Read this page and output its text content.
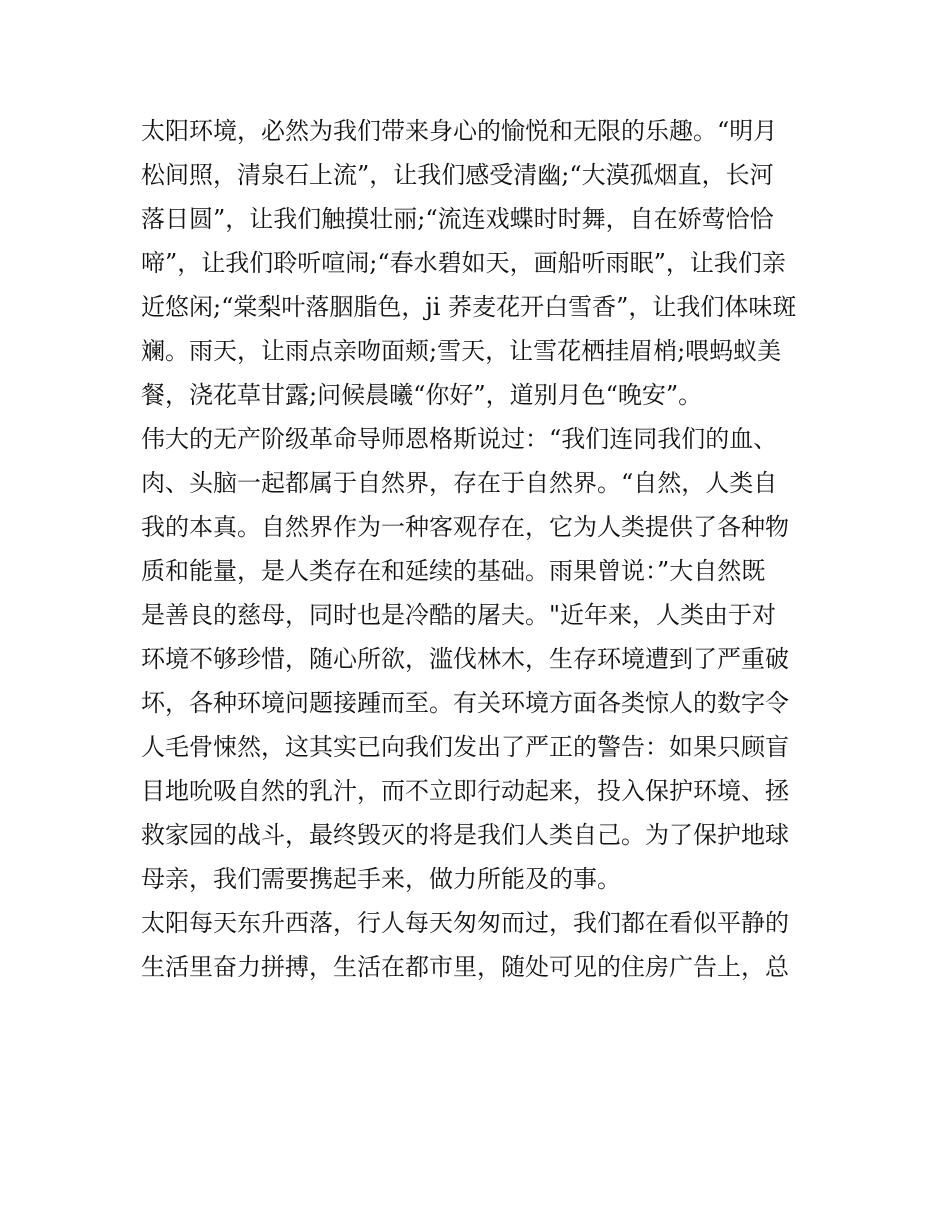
太阳环境，必然为我们带来身心的愉悦和无限的乐趣。“明月
松间照，清泉石上流”，让我们感受清幽;“大漠孤烟直，长河
落日圆”，让我们触摸壮丽;“流连戏蝶时时舞，自在娇莺恰恰
啼”，让我们聆听喧闹;“春水碧如天，画船听雨眠”，让我们亲
近悠闲;“棠梨叶落胭脂色，ji 荞麦花开白雪香”，让我们体味斑
斓。雨天，让雨点亲吻面颊;雪天，让雪花栖挂眉梢;喂蚂蚁美
餐，浇花草甘露;问候晨曦“你好”，道别月色“晚安”。
伟大的无产阶级革命导师恩格斯说过：“我们连同我们的血、
肉、头脑一起都属于自然界，存在于自然界。“自然，人类自
我的本真。自然界作为一种客观存在，它为人类提供了各种物
质和能量，是人类存在和延续的基础。雨果曾说：”大自然既
是善良的慈母，同时也是冷酷的屠夫。"近年来，人类由于对
环境不够珍惜，随心所欲，滥伐林木，生存环境遭到了严重破
坏，各种环境问题接踵而至。有关环境方面各类惊人的数字令
人毛骨悚然，这其实已向我们发出了严正的警告：如果只顾盲
目地吮吸自然的乳汁，而不立即行动起来，投入保护环境、拯
救家园的战斗，最终毁灭的将是我们人类自己。为了保护地球
母亲，我们需要携起手来，做力所能及的事。
太阳每天东升西落，行人每天匆匆而过，我们都在看似平静的
生活里奋力拼搏，生活在都市里，随处可见的住房广告上，总
